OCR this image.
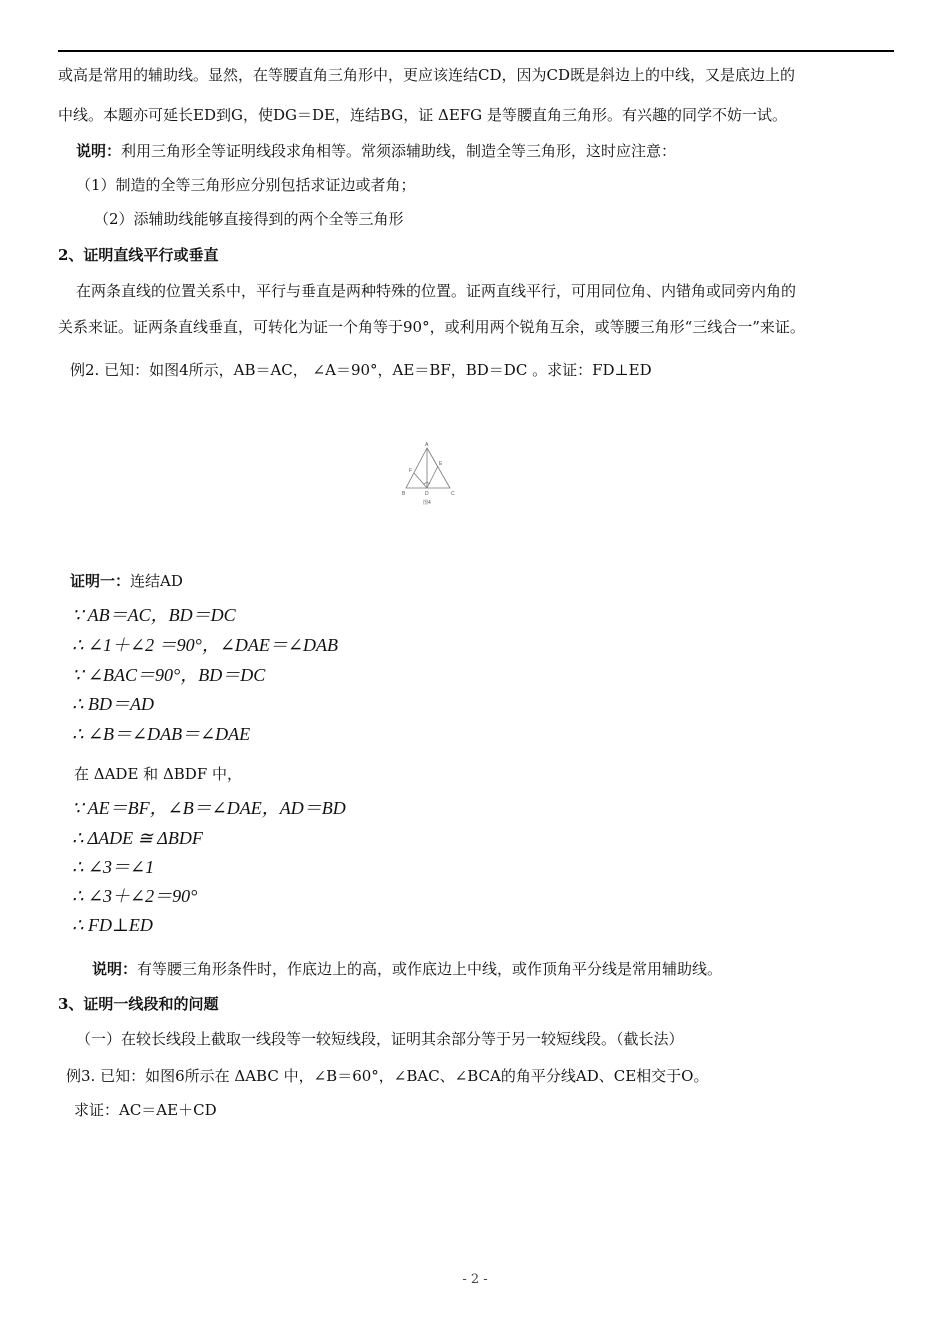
或高是常用的辅助线。显然，在等腰直角三角形中，更应该连结CD，因为CD既是斜边上的中线，又是底边上的
中线。本题亦可延长ED到G，使DG＝DE，连结BG，证 ΔEFG 是等腰直角三角形。有兴趣的同学不妨一试。
说明：利用三角形全等证明线段求角相等。常须添辅助线，制造全等三角形，这时应注意：
（1）制造的全等三角形应分别包括求证边或者角；
（2）添辅助线能够直接得到的两个全等三角形
2、证明直线平行或垂直
在两条直线的位置关系中，平行与垂直是两种特殊的位置。证两直线平行，可用同位角、内错角或同旁内角的
关系来证。证两条直线垂直，可转化为证一个角等于90°，或利用两个锐角互余，或等腰三角形“三线合一”来证。
例2. 已知：如图4所示，AB＝AC， ∠A＝90°，AE＝BF，BD＝DC 。求证：FD⊥ED
A
B	C
D
E
F
图4
证明一：连结AD
∵ AB＝AC，BD＝DC
∴ ∠1＋∠2 ＝90°，∠DAE＝∠DAB
∵ ∠BAC＝90°，BD＝DC
∴ BD＝AD
∴ ∠B＝∠DAB＝∠DAE
在 ΔADE 和 ΔBDF 中，
∵ AE＝BF，∠B＝∠DAE，AD＝BD
∴ ΔADE ≅ ΔBDF
∴ ∠3＝∠1
∴ ∠3＋∠2＝90°
∴ FD⊥ED
说明：有等腰三角形条件时，作底边上的高，或作底边上中线，或作顶角平分线是常用辅助线。
3、证明一线段和的问题
（一）在较长线段上截取一线段等一较短线段，证明其余部分等于另一较短线段。（截长法）
例3. 已知：如图6所示在 ΔABC 中，∠B＝60°，∠BAC、∠BCA的角平分线AD、CE相交于O。
求证：AC＝AE＋CD
- 2 -
